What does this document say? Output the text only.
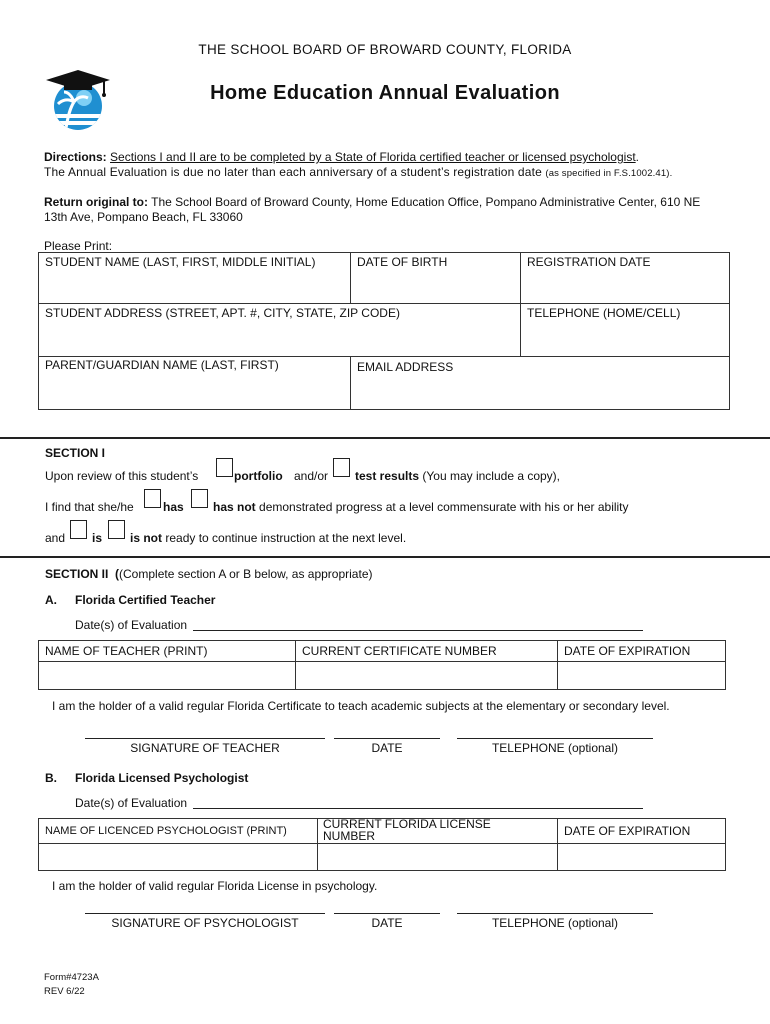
THE SCHOOL BOARD OF BROWARD COUNTY, FLORIDA
Home Education Annual Evaluation
Directions: Sections I and II are to be completed by a State of Florida certified teacher or licensed psychologist.
The Annual Evaluation is due no later than each anniversary of a student’s registration date (as specified in F.S.1002.41).
Return original to: The School Board of Broward County, Home Education Office, Pompano Administrative Center, 610 NE
13th Ave, Pompano Beach, FL 33060
Please Print:
STUDENT NAME (LAST, FIRST, MIDDLE INITIAL)	DATE OF BIRTH	REGISTRATION DATE
STUDENT ADDRESS (STREET, APT. #, CITY, STATE, ZIP CODE)	TELEPHONE (HOME/CELL)
PARENT/GUARDIAN NAME (LAST, FIRST)	EMAIL ADDRESS
SECTION I
Upon review of this student’s	portfolio and/or test results (You may include a copy),
I find that she/he has has not demonstrated progress at a level commensurate with his or her ability
and is is not ready to continue instruction at the next level.
SECTION II ((Complete section A or B below, as appropriate)
A. Florida Certified Teacher
Date(s) of Evaluation
NAME OF TEACHER (PRINT)	CURRENT CERTIFICATE NUMBER	DATE OF EXPIRATION
I am the holder of a valid regular Florida Certificate to teach academic subjects at the elementary or secondary level.
SIGNATURE OF TEACHER	DATE	TELEPHONE (optional)
B. Florida Licensed Psychologist
Date(s) of Evaluation
NAME OF LICENCED PSYCHOLOGIST (PRINT)	CURRENT FLORIDA LICENSE
NUMBER	DATE OF EXPIRATION
I am the holder of valid regular Florida License in psychology.
SIGNATURE OF PSYCHOLOGIST	DATE	TELEPHONE (optional)
Form#4723A
REV 6/22
